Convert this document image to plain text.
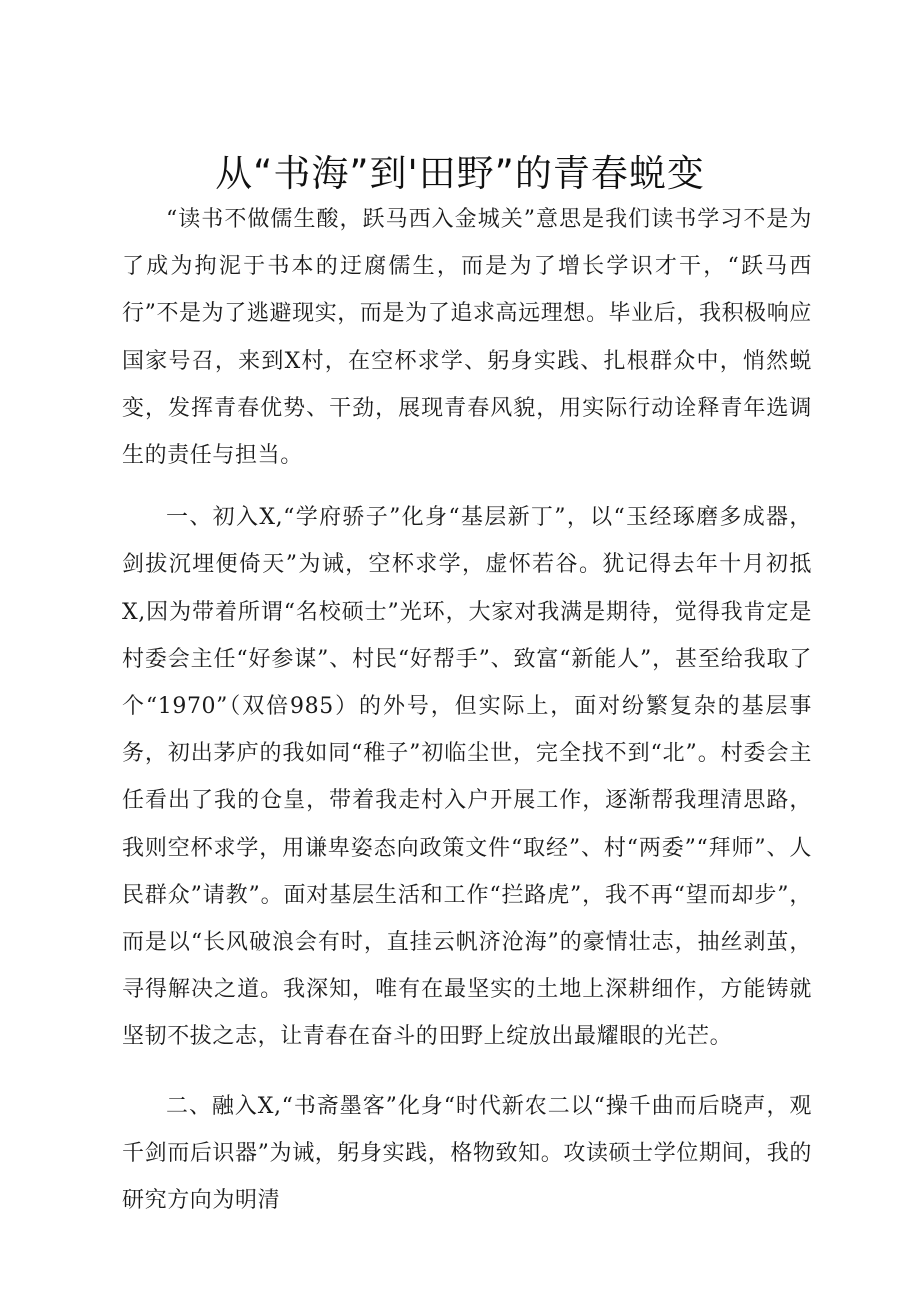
从“书海”到'田野”的青春蜕变

“读书不做儒生酸，跃马西入金城关”意思是我们读书学习不是为了成为拘泥于书本的迂腐儒生，而是为了增长学识才干，“跃马西行”不是为了逃避现实，而是为了追求高远理想。毕业后，我积极响应国家号召，来到X村，在空杯求学、躬身实践、扎根群众中，悄然蜕变，发挥青春优势、干劲，展现青春风貌，用实际行动诠释青年选调生的责任与担当。

一、初入X,“学府骄子”化身“基层新丁”，以“玉经琢磨多成器，剑拔沉埋便倚天”为诫，空杯求学，虚怀若谷。犹记得去年十月初抵X,因为带着所谓“名校硕士”光环，大家对我满是期待，觉得我肯定是村委会主任“好参谋”、村民“好帮手”、致富“新能人”，甚至给我取了个“1970”（双倍985）的外号，但实际上，面对纷繁复杂的基层事务，初出茅庐的我如同“稚子”初临尘世，完全找不到“北”。村委会主任看出了我的仓皇，带着我走村入户开展工作，逐渐帮我理清思路，我则空杯求学，用谦卑姿态向政策文件“取经”、村“两委”“拜师”、人民群众”请教”。面对基层生活和工作“拦路虎”，我不再“望而却步”，而是以“长风破浪会有时，直挂云帆济沧海”的豪情壮志，抽丝剥茧，寻得解决之道。我深知，唯有在最坚实的土地上深耕细作，方能铸就坚韧不拔之志，让青春在奋斗的田野上绽放出最耀眼的光芒。

二、融入X,“书斋墨客”化身“时代新农二以“操千曲而后晓声，观千剑而后识器”为诫，躬身实践，格物致知。攻读硕士学位期间，我的研究方向为明清
